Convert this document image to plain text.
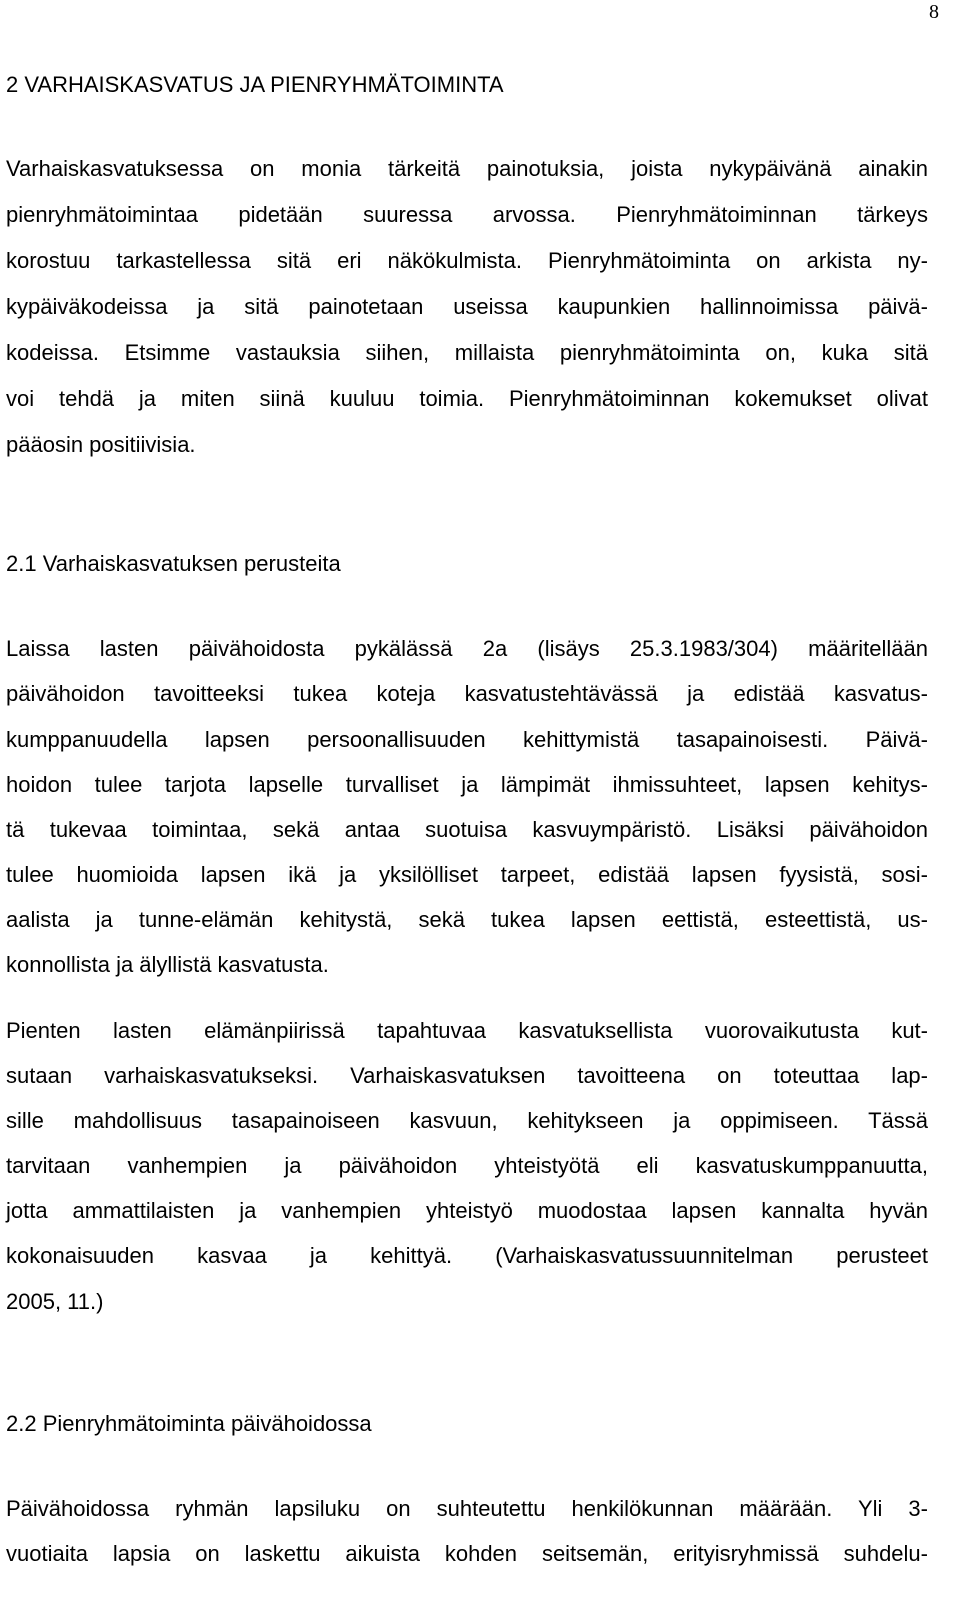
8
2 VARHAISKASVATUS JA PIENRYHMÄTOIMINTA
Varhaiskasvatuksessa on monia tärkeitä painotuksia, joista nykypäivänä ainakin
pienryhmätoimintaa pidetään suuressa arvossa. Pienryhmätoiminnan tärkeys
korostuu tarkastellessa sitä eri näkökulmista. Pienryhmätoiminta on arkista ny-
kypäiväkodeissa ja sitä painotetaan useissa kaupunkien hallinnoimissa päivä-
kodeissa. Etsimme vastauksia siihen, millaista pienryhmätoiminta on, kuka sitä
voi tehdä ja miten siinä kuuluu toimia. Pienryhmätoiminnan kokemukset olivat
pääosin positiivisia.
2.1 Varhaiskasvatuksen perusteita
Laissa lasten päivähoidosta pykälässä 2a (lisäys 25.3.1983/304) määritellään
päivähoidon tavoitteeksi tukea koteja kasvatustehtävässä ja edistää kasvatus-
kumppanuudella lapsen persoonallisuuden kehittymistä tasapainoisesti. Päivä-
hoidon tulee tarjota lapselle turvalliset ja lämpimät ihmissuhteet, lapsen kehitys-
tä tukevaa toimintaa, sekä antaa suotuisa kasvuympäristö. Lisäksi päivähoidon
tulee huomioida lapsen ikä ja yksilölliset tarpeet, edistää lapsen fyysistä, sosi-
aalista ja tunne-elämän kehitystä, sekä tukea lapsen eettistä, esteettistä, us-
konnollista ja älyllistä kasvatusta.
Pienten lasten elämänpiirissä tapahtuvaa kasvatuksellista vuorovaikutusta kut-
sutaan varhaiskasvatukseksi. Varhaiskasvatuksen tavoitteena on toteuttaa lap-
sille mahdollisuus tasapainoiseen kasvuun, kehitykseen ja oppimiseen. Tässä
tarvitaan vanhempien ja päivähoidon yhteistyötä eli kasvatuskumppanuutta,
jotta ammattilaisten ja vanhempien yhteistyö muodostaa lapsen kannalta hyvän
kokonaisuuden kasvaa ja kehittyä. (Varhaiskasvatussuunnitelman perusteet
2005, 11.)
2.2 Pienryhmätoiminta päivähoidossa
Päivähoidossa ryhmän lapsiluku on suhteutettu henkilökunnan määrään. Yli 3-
vuotiaita lapsia on laskettu aikuista kohden seitsemän, erityisryhmissä suhdelu-
